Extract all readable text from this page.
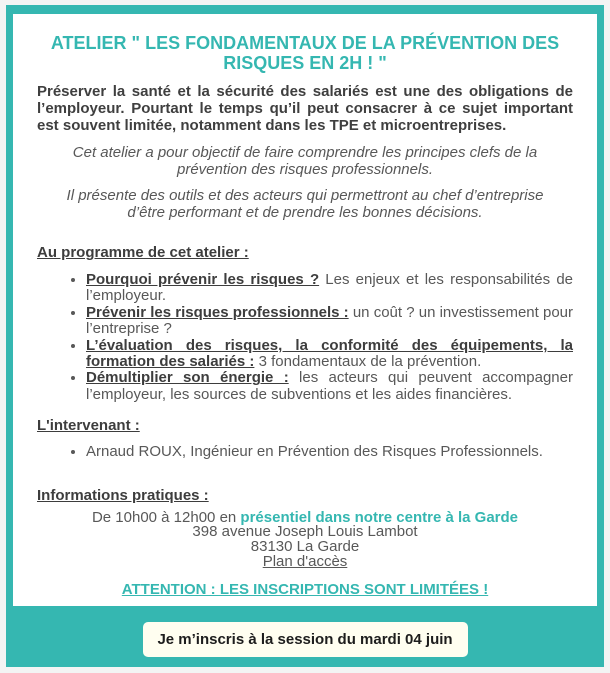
ATELIER " LES FONDAMENTAUX DE LA PRÉVENTION DES RISQUES EN 2H ! "

Préserver la santé et la sécurité des salariés est une des obligations de l’employeur. Pourtant le temps qu’il peut consacrer à ce sujet important est souvent limitée, notamment dans les TPE et microentreprises.

Cet atelier a pour objectif de faire comprendre les principes clefs de la prévention des risques professionnels.

Il présente des outils et des acteurs qui permettront au chef d’entreprise d’être performant et de prendre les bonnes décisions.

Au programme de cet atelier :

• Pourquoi prévenir les risques ? Les enjeux et les responsabilités de l’employeur.
• Prévenir les risques professionnels : un coût ? un investissement pour l’entreprise ?
• L’évaluation des risques, la conformité des équipements, la formation des salariés : 3 fondamentaux de la prévention.
• Démultiplier son énergie : les acteurs qui peuvent accompagner l’employeur, les sources de subventions et les aides financières.

L'intervenant :

• Arnaud ROUX, Ingénieur en Prévention des Risques Professionnels.

Informations pratiques :

De 10h00 à 12h00 en présentiel dans notre centre à la Garde
398 avenue Joseph Louis Lambot
83130 La Garde
Plan d'accès

ATTENTION : LES INSCRIPTIONS SONT LIMITÉES !

Je m’inscris à la session du mardi 04 juin
